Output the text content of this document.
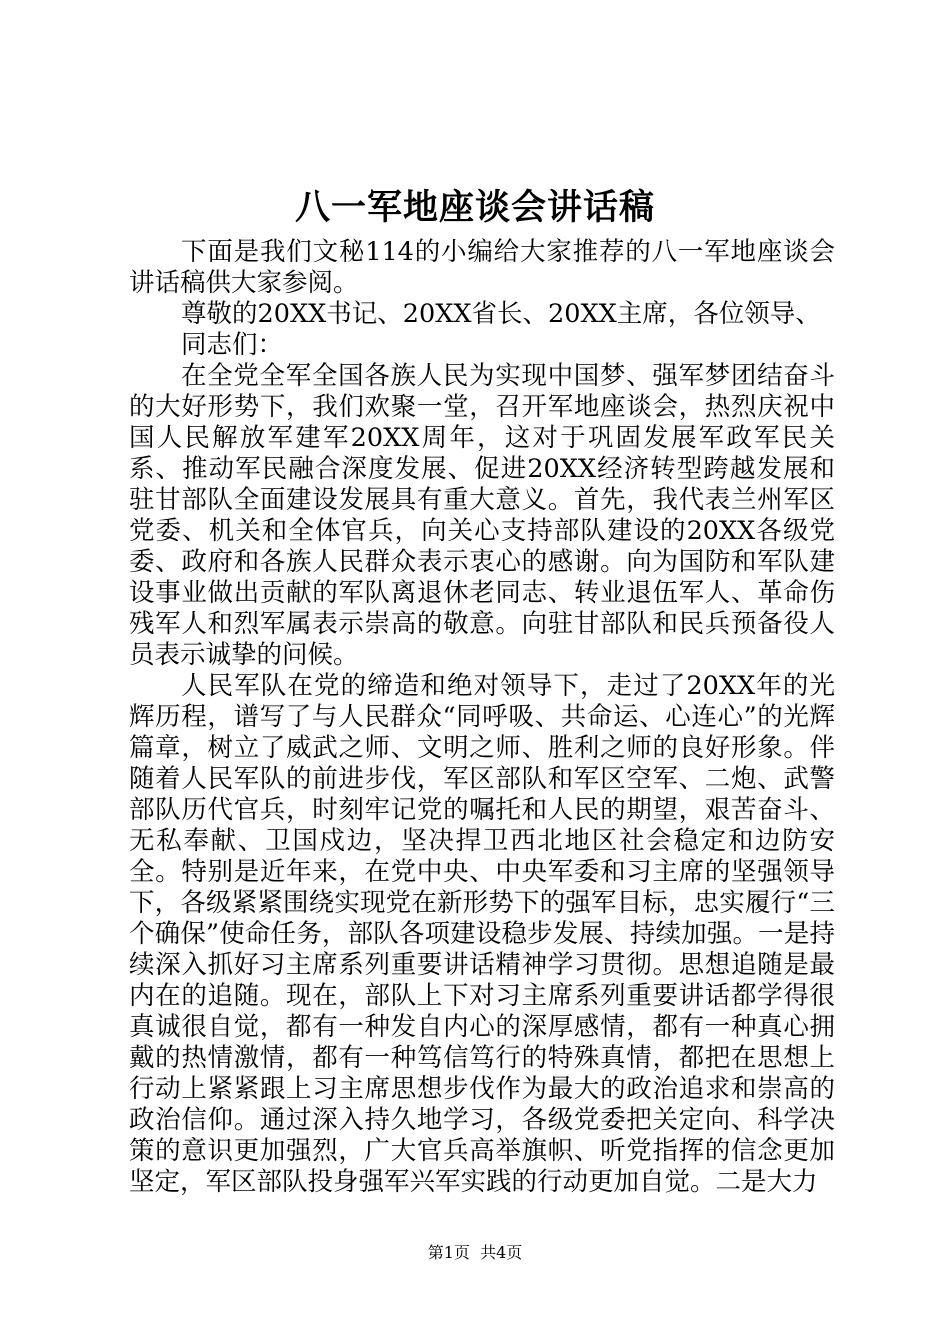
八一军地座谈会讲话稿

下面是我们文秘114的小编给大家推荐的八一军地座谈会讲话稿供大家参阅。

尊敬的20XX书记、20XX省长、20XX主席，各位领导、

同志们：

在全党全军全国各族人民为实现中国梦、强军梦团结奋斗的大好形势下，我们欢聚一堂，召开军地座谈会，热烈庆祝中国人民解放军建军20XX周年，这对于巩固发展军政军民关系、推动军民融合深度发展、促进20XX经济转型跨越发展和驻甘部队全面建设发展具有重大意义。首先，我代表兰州军区党委、机关和全体官兵，向关心支持部队建设的20XX各级党委、政府和各族人民群众表示衷心的感谢。向为国防和军队建设事业做出贡献的军队离退休老同志、转业退伍军人、革命伤残军人和烈军属表示崇高的敬意。向驻甘部队和民兵预备役人员表示诚挚的问候。

人民军队在党的缔造和绝对领导下，走过了20XX年的光辉历程，谱写了与人民群众“同呼吸、共命运、心连心”的光辉篇章，树立了威武之师、文明之师、胜利之师的良好形象。伴随着人民军队的前进步伐，军区部队和军区空军、二炮、武警部队历代官兵，时刻牢记党的嘱托和人民的期望，艰苦奋斗、无私奉献、卫国戍边，坚决捍卫西北地区社会稳定和边防安全。特别是近年来，在党中央、中央军委和习主席的坚强领导下，各级紧紧围绕实现党在新形势下的强军目标，忠实履行“三个确保”使命任务，部队各项建设稳步发展、持续加强。一是持续深入抓好习主席系列重要讲话精神学习贯彻。思想追随是最内在的追随。现在，部队上下对习主席系列重要讲话都学得很真诚很自觉，都有一种发自内心的深厚感情，都有一种真心拥戴的热情激情，都有一种笃信笃行的特殊真情，都把在思想上行动上紧紧跟上习主席思想步伐作为最大的政治追求和崇高的政治信仰。通过深入持久地学习，各级党委把关定向、科学决策的意识更加强烈，广大官兵高举旗帜、听党指挥的信念更加坚定，军区部队投身强军兴军实践的行动更加自觉。二是大力

第1页 共4页
